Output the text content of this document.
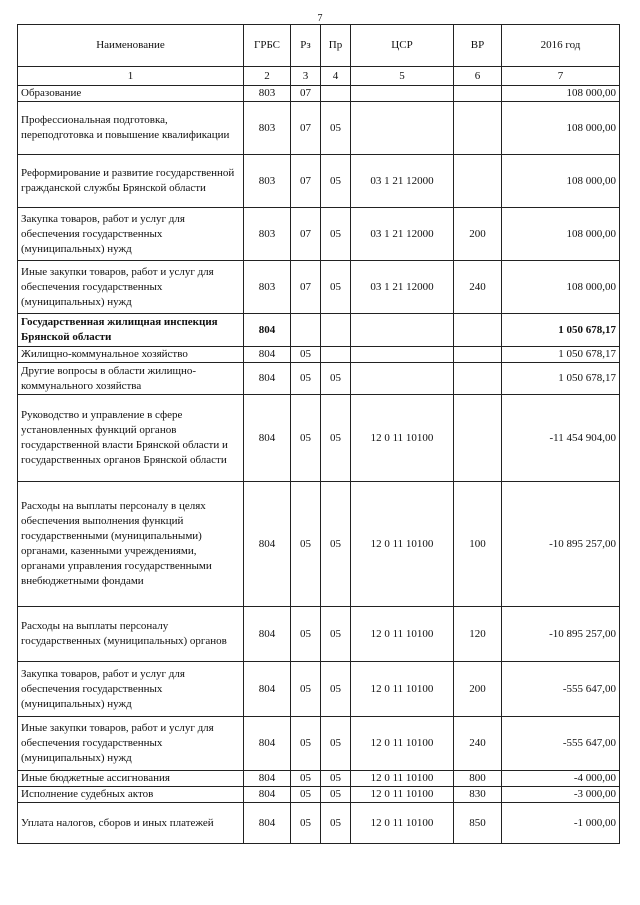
7
Наименование	ГРБС	Рз	Пр	ЦСР	ВР	2016 год
1	2	3	4	5	6	7
Образование	803	07				108 000,00
Профессиональная подготовка, переподготовка и повышение квалификации	803	07	05			108 000,00
Реформирование и развитие государственной гражданской службы Брянской области	803	07	05	03 1 21 12000		108 000,00
Закупка товаров, работ и услуг для обеспечения государственных (муниципальных) нужд	803	07	05	03 1 21 12000	200	108 000,00
Иные закупки товаров, работ и услуг для обеспечения государственных (муниципальных) нужд	803	07	05	03 1 21 12000	240	108 000,00
Государственная жилищная инспекция Брянской области	804					1 050 678,17
Жилищно-коммунальное хозяйство	804	05				1 050 678,17
Другие вопросы в области жилищно-коммунального хозяйства	804	05	05			1 050 678,17
Руководство и управление в сфере установленных функций органов государственной власти Брянской области и государственных органов Брянской области	804	05	05	12 0 11 10100		-11 454 904,00
Расходы на выплаты персоналу в целях обеспечения выполнения функций государственными (муниципальными) органами, казенными учреждениями, органами управления государственными внебюджетными фондами	804	05	05	12 0 11 10100	100	-10 895 257,00
Расходы на выплаты персоналу государственных (муниципальных) органов	804	05	05	12 0 11 10100	120	-10 895 257,00
Закупка товаров, работ и услуг для обеспечения государственных (муниципальных) нужд	804	05	05	12 0 11 10100	200	-555 647,00
Иные закупки товаров, работ и услуг для обеспечения государственных (муниципальных) нужд	804	05	05	12 0 11 10100	240	-555 647,00
Иные бюджетные ассигнования	804	05	05	12 0 11 10100	800	-4 000,00
Исполнение судебных актов	804	05	05	12 0 11 10100	830	-3 000,00
Уплата налогов, сборов и иных платежей	804	05	05	12 0 11 10100	850	-1 000,00
